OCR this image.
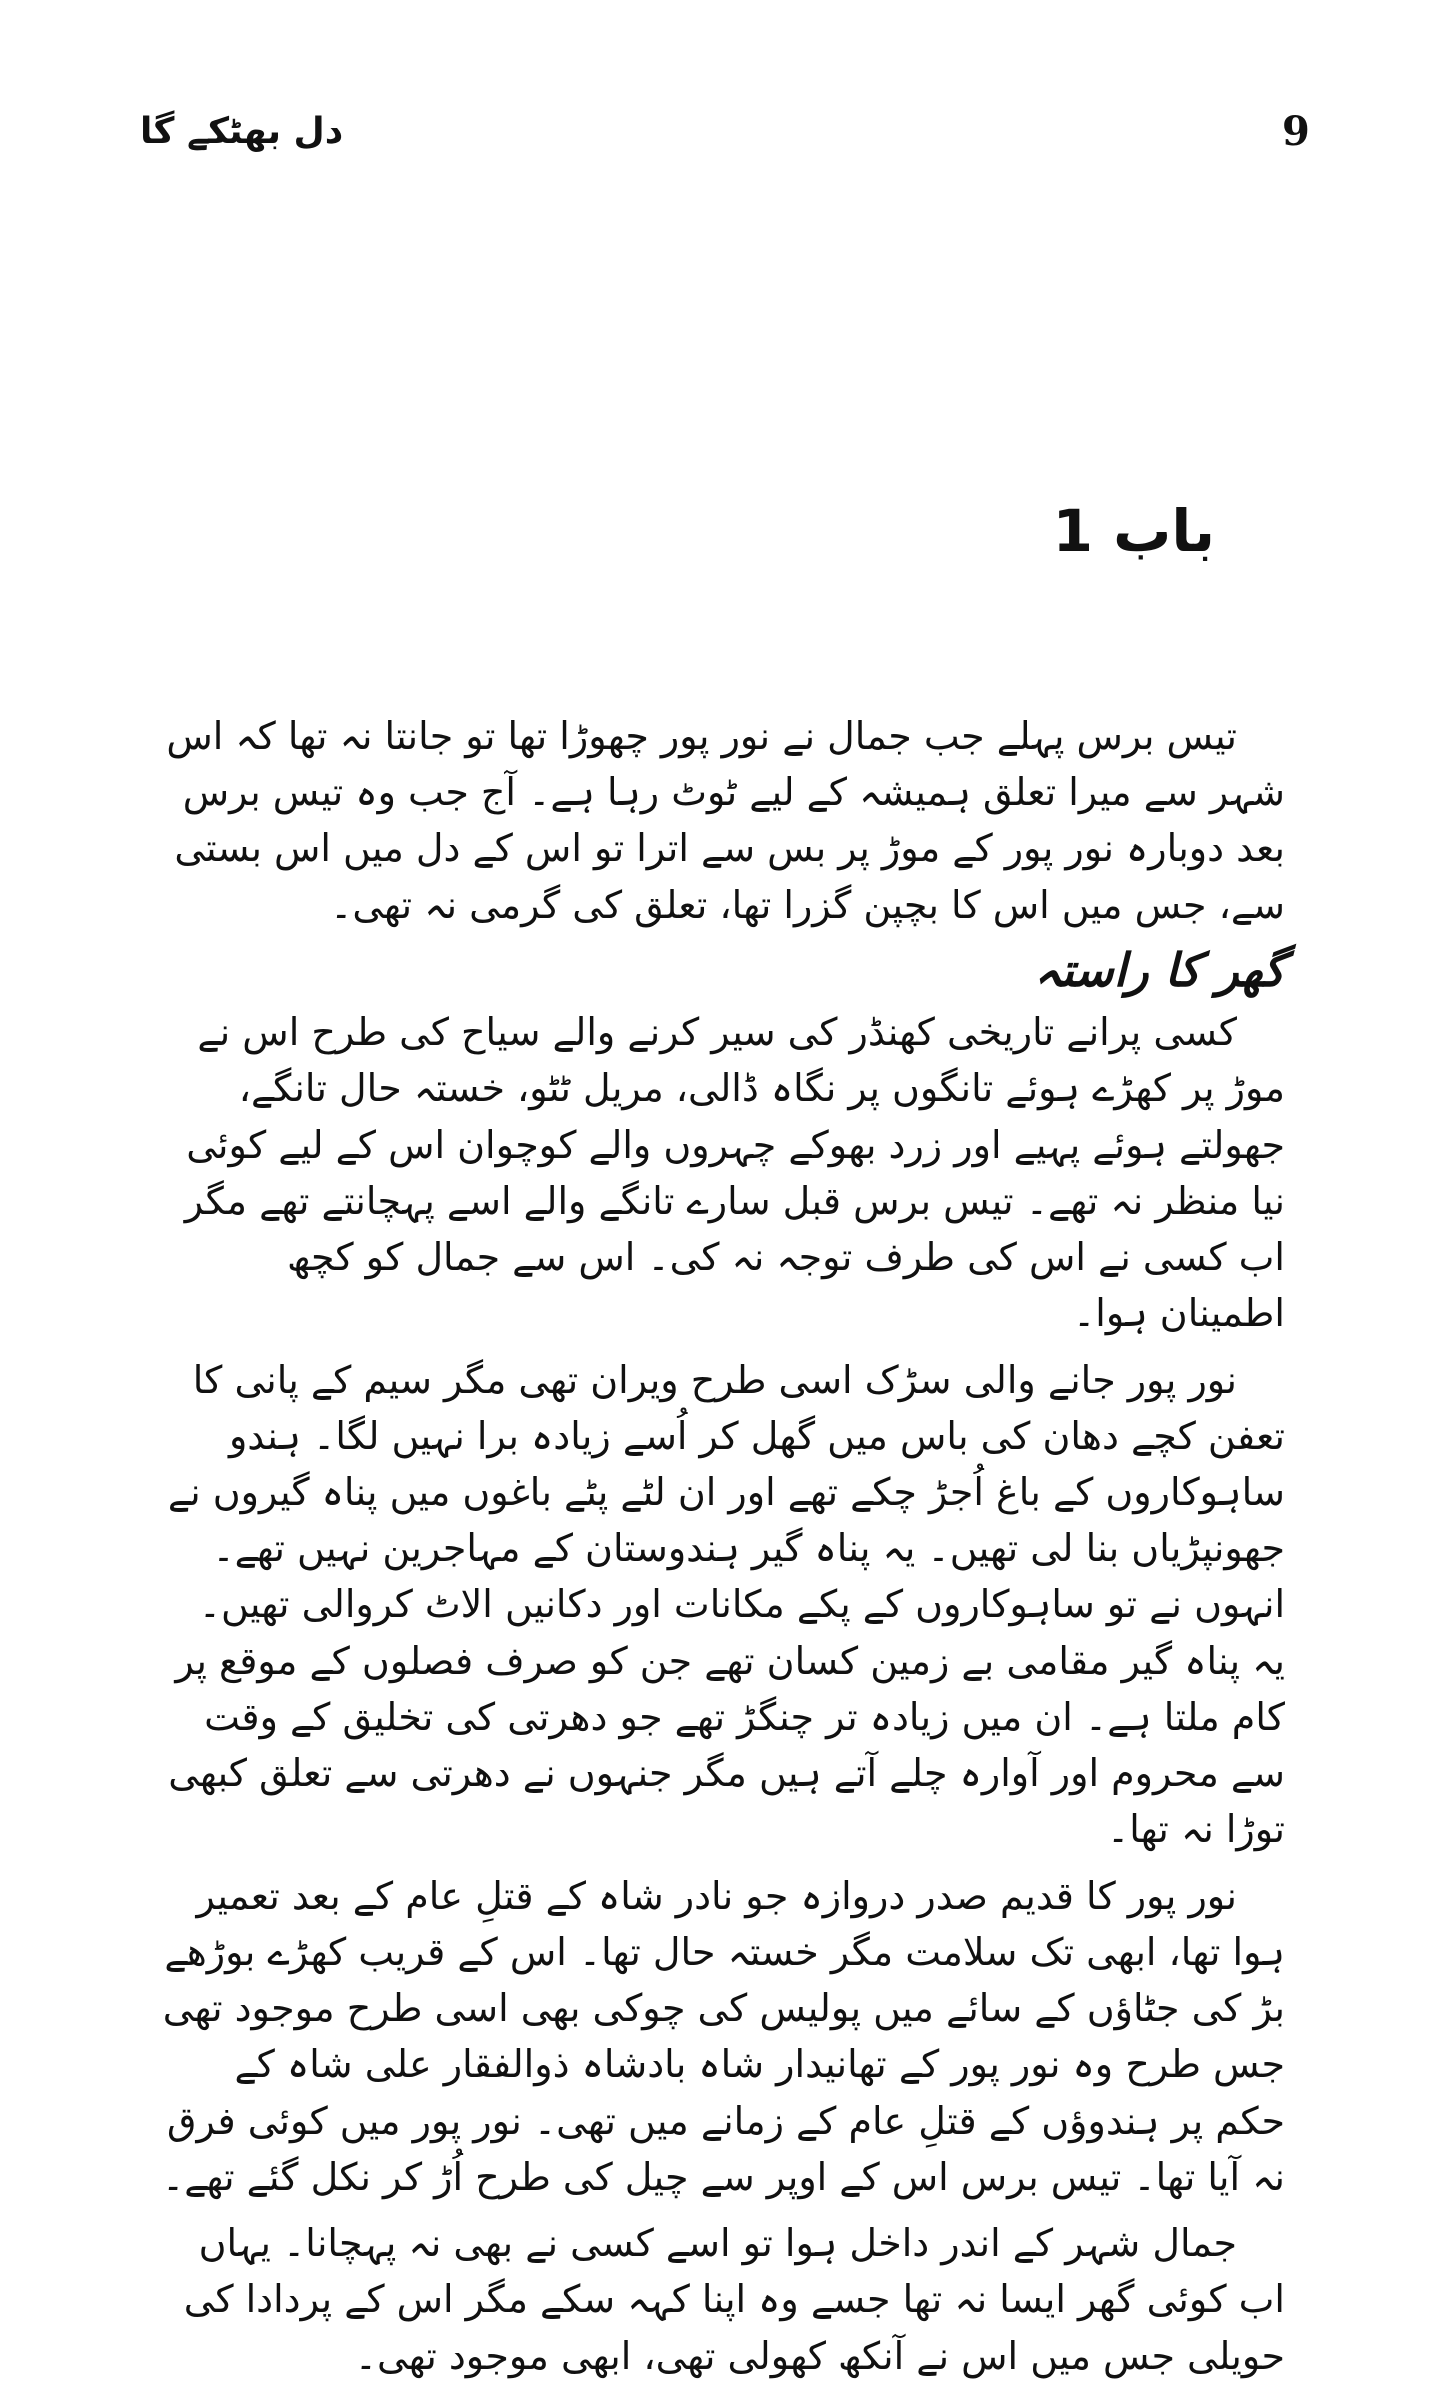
9
دل بھٹکے گا
باب 1

تیس برس پہلے جب جمال نے نور پور چھوڑا تھا تو جانتا نہ تھا کہ اس شہر سے میرا تعلق ہمیشہ کے لیے ٹوٹ رہا ہے۔ آج جب وہ تیس برس بعد دوبارہ نور پور کے موڑ پر بس سے اترا تو اس کے دل میں اس بستی سے، جس میں اس کا بچپن گزرا تھا، تعلق کی گرمی نہ تھی۔

گھر کا راستہ

کسی پرانے تاریخی کھنڈر کی سیر کرنے والے سیاح کی طرح اس نے موڑ پر کھڑے ہوئے تانگوں پر نگاہ ڈالی، مریل ٹٹو، خستہ حال تانگے، جھولتے ہوئے پہیے اور زرد بھوکے چہروں والے کوچوان اس کے لیے کوئی نیا منظر نہ تھے۔ تیس برس قبل سارے تانگے والے اسے پہچانتے تھے مگر اب کسی نے اس کی طرف توجہ نہ کی۔ اس سے جمال کو کچھ اطمینان ہوا۔

نور پور جانے والی سڑک اسی طرح ویران تھی مگر سیم کے پانی کا تعفن کچے دھان کی باس میں گھل کر اُسے زیادہ برا نہیں لگا۔ ہندو ساہوکاروں کے باغ اُجڑ چکے تھے اور ان لٹے پٹے باغوں میں پناہ گیروں نے جھونپڑیاں بنا لی تھیں۔ یہ پناہ گیر ہندوستان کے مہاجرین نہیں تھے۔ انہوں نے تو ساہوکاروں کے پکے مکانات اور دکانیں الاٹ کروالی تھیں۔ یہ پناہ گیر مقامی بے زمین کسان تھے جن کو صرف فصلوں کے موقع پر کام ملتا ہے۔ ان میں زیادہ تر چنگڑ تھے جو دھرتی کی تخلیق کے وقت سے محروم اور آوارہ چلے آتے ہیں مگر جنہوں نے دھرتی سے تعلق کبھی توڑا نہ تھا۔

نور پور کا قدیم صدر دروازہ جو نادر شاہ کے قتلِ عام کے بعد تعمیر ہوا تھا، ابھی تک سلامت مگر خستہ حال تھا۔ اس کے قریب کھڑے بوڑھے بڑ کی جٹاؤں کے سائے میں پولیس کی چوکی بھی اسی طرح موجود تھی جس طرح وہ نور پور کے تھانیدار شاہ بادشاہ ذوالفقار علی شاہ کے حکم پر ہندوؤں کے قتلِ عام کے زمانے میں تھی۔ نور پور میں کوئی فرق نہ آیا تھا۔ تیس برس اس کے اوپر سے چیل کی طرح اُڑ کر نکل گئے تھے۔

جمال شہر کے اندر داخل ہوا تو اسے کسی نے بھی نہ پہچانا۔ یہاں اب کوئی گھر ایسا نہ تھا جسے وہ اپنا کہہ سکے مگر اس کے پردادا کی حویلی جس میں اس نے آنکھ کھولی تھی، ابھی موجود تھی۔
